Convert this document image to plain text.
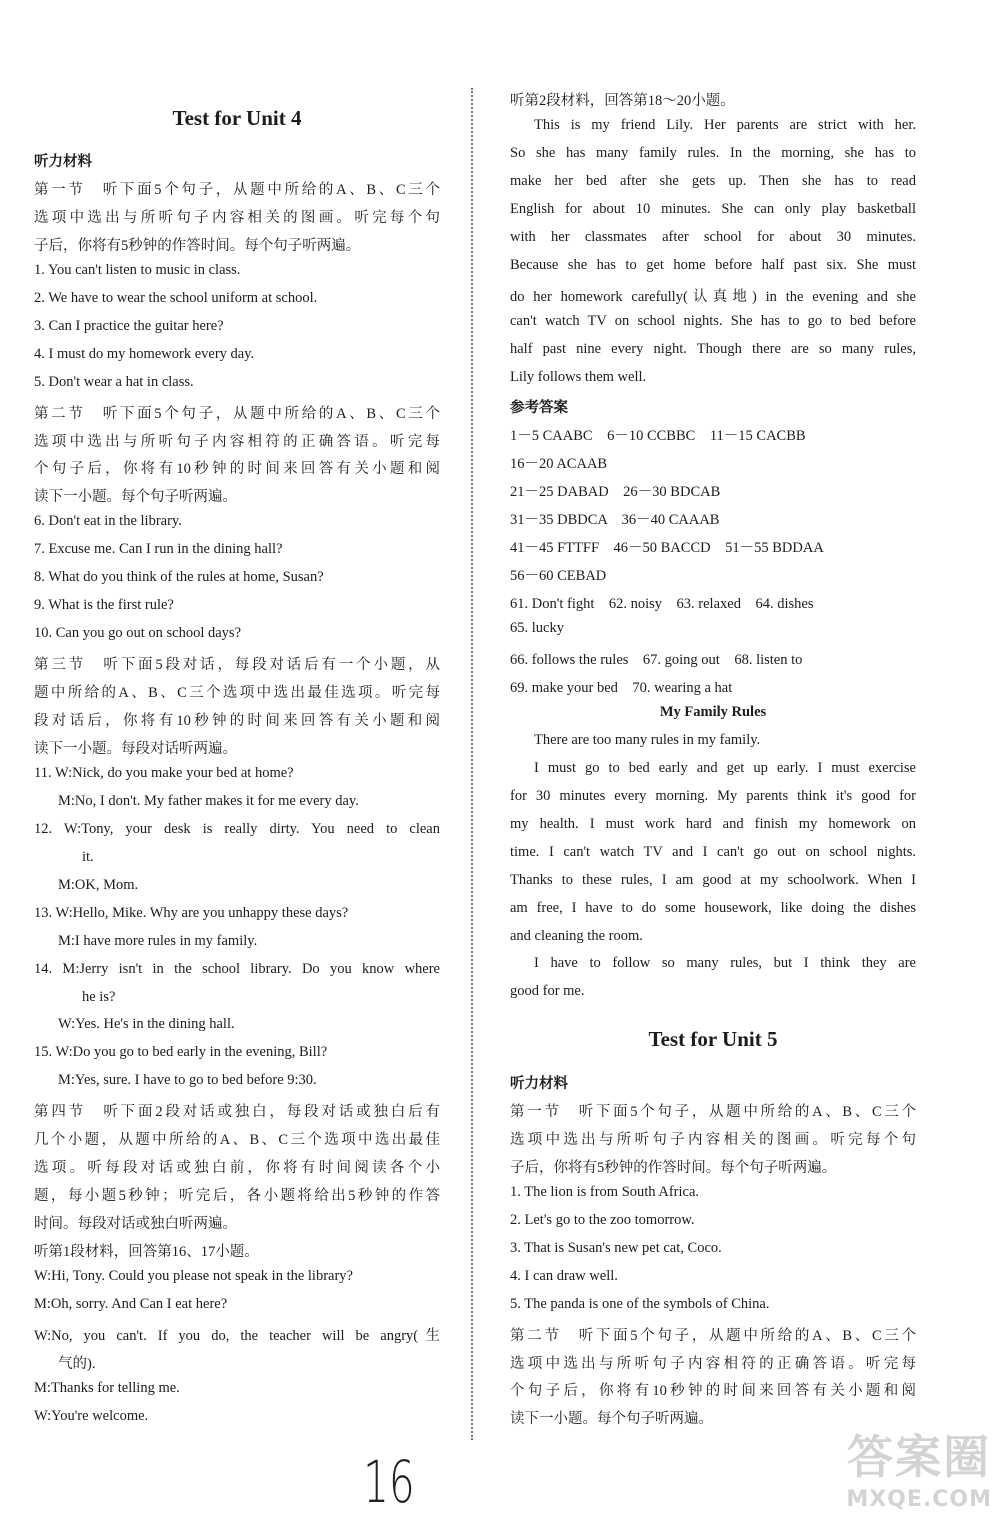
Test for Unit 4
听力材料
第一节　听下面5个句子，从题中所给的A、B、C三个
选项中选出与所听句子内容相关的图画。听完每个句
子后，你将有5秒钟的作答时间。每个句子听两遍。
1. You can't listen to music in class.
2. We have to wear the school uniform at school.
3. Can I practice the guitar here?
4. I must do my homework every day.
5. Don't wear a hat in class.
第二节　听下面5个句子，从题中所给的A、B、C三个
选项中选出与所听句子内容相符的正确答语。听完每
个句子后，你将有10秒钟的时间来回答有关小题和阅
读下一小题。每个句子听两遍。
6. Don't eat in the library.
7. Excuse me. Can I run in the dining hall?
8. What do you think of the rules at home, Susan?
9. What is the first rule?
10. Can you go out on school days?
第三节　听下面5段对话，每段对话后有一个小题，从
题中所给的A、B、C三个选项中选出最佳选项。听完每
段对话后，你将有10秒钟的时间来回答有关小题和阅
读下一小题。每段对话听两遍。
11. W:Nick, do you make your bed at home?
M:No, I don't. My father makes it for me every day.
12. W:Tony, your desk is really dirty. You need to clean
it.
M:OK, Mom.
13. W:Hello, Mike. Why are you unhappy these days?
M:I have more rules in my family.
14. M:Jerry isn't in the school library. Do you know where
he is?
W:Yes. He's in the dining hall.
15. W:Do you go to bed early in the evening, Bill?
M:Yes, sure. I have to go to bed before 9:30.
第四节　听下面2段对话或独白，每段对话或独白后有
几个小题，从题中所给的A、B、C三个选项中选出最佳
选项。听每段对话或独白前，你将有时间阅读各个小
题，每小题5秒钟；听完后，各小题将给出5秒钟的作答
时间。每段对话或独白听两遍。
听第1段材料，回答第16、17小题。
W:Hi, Tony. Could you please not speak in the library?
M:Oh, sorry. And Can I eat here?
W:No, you can't. If you do, the teacher will be angry(生
气的).
M:Thanks for telling me.
W:You're welcome.
听第2段材料，回答第18～20小题。
This is my friend Lily. Her parents are strict with her.
So she has many family rules. In the morning, she has to
make her bed after she gets up. Then she has to read
English for about 10 minutes. She can only play basketball
with her classmates after school for about 30 minutes.
Because she has to get home before half past six. She must
do her homework carefully(认真地) in the evening and she
can't watch TV on school nights. She has to go to bed before
half past nine every night. Though there are so many rules,
Lily follows them well.
参考答案
1－5 CAABC　6－10 CCBBC　11－15 CACBB
16－20 ACAAB
21－25 DABAD　26－30 BDCAB
31－35 DBDCA　36－40 CAAAB
41－45 FTTFF　46－50 BACCD　51－55 BDDAA
56－60 CEBAD
61. Don't fight　62. noisy　63. relaxed　64. dishes
65. lucky
66. follows the rules　67. going out　68. listen to
69. make your bed　70. wearing a hat
My Family Rules
There are too many rules in my family.
I must go to bed early and get up early. I must exercise
for 30 minutes every morning. My parents think it's good for
my health. I must work hard and finish my homework on
time. I can't watch TV and I can't go out on school nights.
Thanks to these rules, I am good at my schoolwork. When I
am free, I have to do some housework, like doing the dishes
and cleaning the room.
I have to follow so many rules, but I think they are
good for me.
Test for Unit 5
听力材料
第一节　听下面5个句子，从题中所给的A、B、C三个
选项中选出与所听句子内容相关的图画。听完每个句
子后，你将有5秒钟的作答时间。每个句子听两遍。
1. The lion is from South Africa.
2. Let's go to the zoo tomorrow.
3. That is Susan's new pet cat, Coco.
4. I can draw well.
5. The panda is one of the symbols of China.
第二节　听下面5个句子，从题中所给的A、B、C三个
选项中选出与所听句子内容相符的正确答语。听完每
个句子后，你将有10秒钟的时间来回答有关小题和阅
读下一小题。每个句子听两遍。
16	答案圈
MXQE.COM
